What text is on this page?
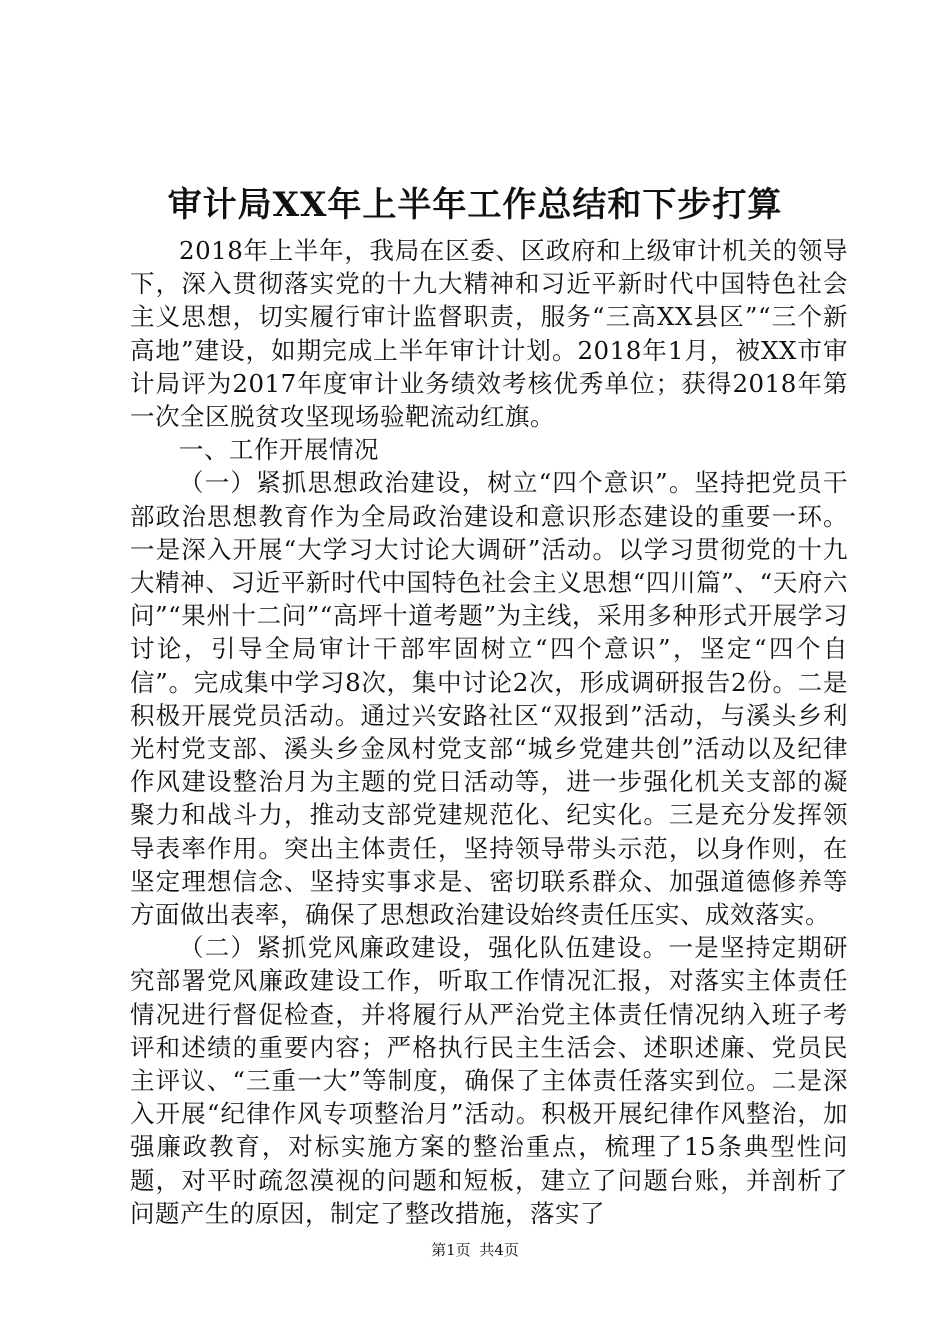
审计局XX年上半年工作总结和下步打算

2018年上半年，我局在区委、区政府和上级审计机关的领导下，深入贯彻落实党的十九大精神和习近平新时代中国特色社会主义思想，切实履行审计监督职责，服务“三高XX县区”“三个新高地”建设，如期完成上半年审计计划。2018年1月，被XX市审计局评为2017年度审计业务绩效考核优秀单位；获得2018年第一次全区脱贫攻坚现场验靶流动红旗。

一、工作开展情况

（一）紧抓思想政治建设，树立“四个意识”。坚持把党员干部政治思想教育作为全局政治建设和意识形态建设的重要一环。一是深入开展“大学习大讨论大调研”活动。以学习贯彻党的十九大精神、习近平新时代中国特色社会主义思想“四川篇”、“天府六问”“果州十二问”“高坪十道考题”为主线，采用多种形式开展学习讨论，引导全局审计干部牢固树立“四个意识”，坚定“四个自信”。完成集中学习8次，集中讨论2次，形成调研报告2份。二是积极开展党员活动。通过兴安路社区“双报到”活动，与溪头乡利光村党支部、溪头乡金凤村党支部“城乡党建共创”活动以及纪律作风建设整治月为主题的党日活动等，进一步强化机关支部的凝聚力和战斗力，推动支部党建规范化、纪实化。三是充分发挥领导表率作用。突出主体责任，坚持领导带头示范，以身作则，在坚定理想信念、坚持实事求是、密切联系群众、加强道德修养等方面做出表率，确保了思想政治建设始终责任压实、成效落实。

（二）紧抓党风廉政建设，强化队伍建设。一是坚持定期研究部署党风廉政建设工作，听取工作情况汇报，对落实主体责任情况进行督促检查，并将履行从严治党主体责任情况纳入班子考评和述绩的重要内容；严格执行民主生活会、述职述廉、党员民主评议、“三重一大”等制度，确保了主体责任落实到位。二是深入开展“纪律作风专项整治月”活动。积极开展纪律作风整治，加强廉政教育，对标实施方案的整治重点，梳理了15条典型性问题，对平时疏忽漠视的问题和短板，建立了问题台账，并剖析了问题产生的原因，制定了整改措施，落实了

第1页 共4页
